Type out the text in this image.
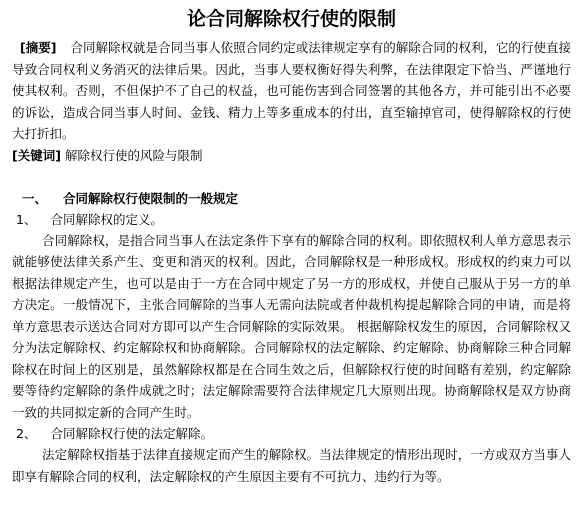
论合同解除权行使的限制

[摘要] 合同解除权就是合同当事人依照合同约定或法律规定享有的解除合同的权利，它的行使直接导致合同权利义务消灭的法律后果。因此，当事人要权衡好得失利弊，在法律限定下恰当、严谨地行使其权利。否则，不但保护不了自己的权益，也可能伤害到合同签署的其他各方，并可能引出不必要的诉讼，造成合同当事人时间、金钱、精力上等多重成本的付出，直至输掉官司，使得解除权的行使大打折扣。

[关键词] 解除权行使的风险与限制

一、 合同解除权行使限制的一般规定

1、 合同解除权的定义。

合同解除权，是指合同当事人在法定条件下享有的解除合同的权利。即依照权利人单方意思表示就能够使法律关系产生、变更和消灭的权利。因此，合同解除权是一种形成权。形成权的约束力可以根据法律规定产生，也可以是由于一方在合同中规定了另一方的形成权，并使自己服从于另一方的单方决定。一般情况下，主张合同解除的当事人无需向法院或者仲裁机构提起解除合同的申请，而是将单方意思表示送达合同对方即可以产生合同解除的实际效果。 根据解除权发生的原因，合同解除权又分为法定解除权、约定解除权和协商解除。合同解除权的法定解除、约定解除、协商解除三种合同解除权在时间上的区别是，虽然解除权都是在合同生效之后，但解除权行使的时间略有差别，约定解除要等待约定解除的条件成就之时；法定解除需要符合法律规定几大原则出现。协商解除权是双方协商一致的共同拟定新的合同产生时。

2、 合同解除权行使的法定解除。

法定解除权指基于法律直接规定而产生的解除权。当法律规定的情形出现时，一方或双方当事人即享有解除合同的权利，法定解除权的产生原因主要有不可抗力、违约行为等。
